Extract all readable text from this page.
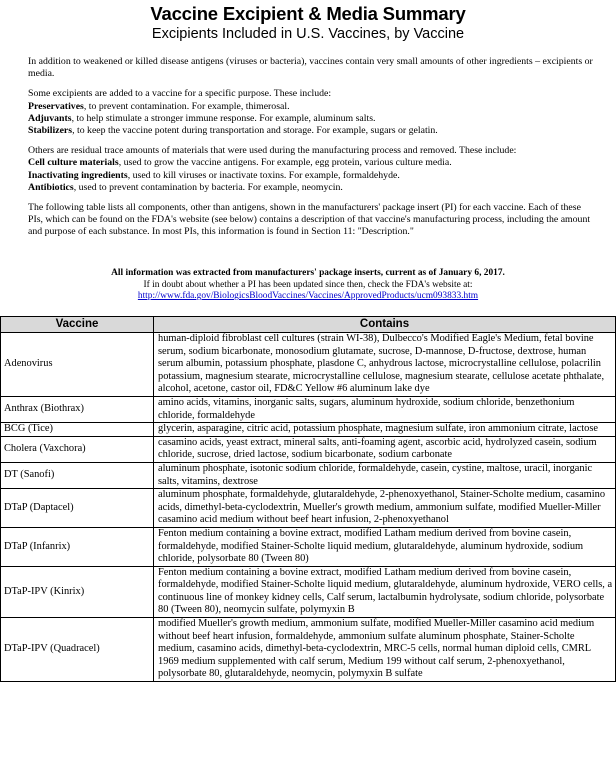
Vaccine Excipient & Media Summary
Excipients Included in U.S. Vaccines, by Vaccine

In addition to weakened or killed disease antigens (viruses or bacteria), vaccines contain very small amounts of other ingredients – excipients or media.

Some excipients are added to a vaccine for a specific purpose. These include:
Preservatives, to prevent contamination. For example, thimerosal.
Adjuvants, to help stimulate a stronger immune response. For example, aluminum salts.
Stabilizers, to keep the vaccine potent during transportation and storage. For example, sugars or gelatin.
Others are residual trace amounts of materials that were used during the manufacturing process and removed. These include:
Cell culture materials, used to grow the vaccine antigens. For example, egg protein, various culture media.
Inactivating ingredients, used to kill viruses or inactivate toxins. For example, formaldehyde.
Antibiotics, used to prevent contamination by bacteria. For example, neomycin.

The following table lists all components, other than antigens, shown in the manufacturers' package insert (PI) for each vaccine. Each of these PIs, which can be found on the FDA's website (see below) contains a description of that vaccine's manufacturing process, including the amount and purpose of each substance. In most PIs, this information is found in Section 11: "Description."

All information was extracted from manufacturers' package inserts, current as of January 6, 2017.
If in doubt about whether a PI has been updated since then, check the FDA's website at:
http://www.fda.gov/BiologicsBloodVaccines/Vaccines/ApprovedProducts/ucm093833.htm
Vaccine	Contains
Adenovirus	human-diploid fibroblast cell cultures (strain WI-38), Dulbecco's Modified Eagle's Medium, fetal bovine serum, sodium bicarbonate, monosodium glutamate, sucrose, D-mannose, D-fructose, dextrose, human serum albumin, potassium phosphate, plasdone C, anhydrous lactose, microcrystalline cellulose, polacrilin potassium, magnesium stearate, microcrystalline cellulose, magnesium stearate, cellulose acetate phthalate, alcohol, acetone, castor oil, FD&C Yellow #6 aluminum lake dye
Anthrax (Biothrax)	amino acids, vitamins, inorganic salts, sugars, aluminum hydroxide, sodium chloride, benzethonium chloride, formaldehyde
BCG (Tice)	glycerin, asparagine, citric acid, potassium phosphate, magnesium sulfate, iron ammonium citrate, lactose
Cholera (Vaxchora)	casamino acids, yeast extract, mineral salts, anti-foaming agent, ascorbic acid, hydrolyzed casein, sodium chloride, sucrose, dried lactose, sodium bicarbonate, sodium carbonate
DT (Sanofi)	aluminum phosphate, isotonic sodium chloride, formaldehyde, casein, cystine, maltose, uracil, inorganic salts, vitamins, dextrose
DTaP (Daptacel)	aluminum phosphate, formaldehyde, glutaraldehyde, 2-phenoxyethanol, Stainer-Scholte medium, casamino acids, dimethyl-beta-cyclodextrin, Mueller's growth medium, ammonium sulfate, modified Mueller-Miller casamino acid medium without beef heart infusion, 2-phenoxyethanol
DTaP (Infanrix)	Fenton medium containing a bovine extract, modified Latham medium derived from bovine casein, formaldehyde, modified Stainer-Scholte liquid medium, glutaraldehyde, aluminum hydroxide, sodium chloride, polysorbate 80 (Tween 80)
DTaP-IPV (Kinrix)	Fenton medium containing a bovine extract, modified Latham medium derived from bovine casein, formaldehyde, modified Stainer-Scholte liquid medium, glutaraldehyde, aluminum hydroxide, VERO cells, a continuous line of monkey kidney cells, Calf serum, lactalbumin hydrolysate, sodium chloride, polysorbate 80 (Tween 80), neomycin sulfate, polymyxin B
DTaP-IPV (Quadracel)	modified Mueller's growth medium, ammonium sulfate, modified Mueller-Miller casamino acid medium without beef heart infusion, formaldehyde, ammonium sulfate aluminum phosphate, Stainer-Scholte medium, casamino acids, dimethyl-beta-cyclodextrin, MRC-5 cells, normal human diploid cells, CMRL 1969 medium supplemented with calf serum, Medium 199 without calf serum, 2-phenoxyethanol, polysorbate 80, glutaraldehyde, neomycin, polymyxin B sulfate
